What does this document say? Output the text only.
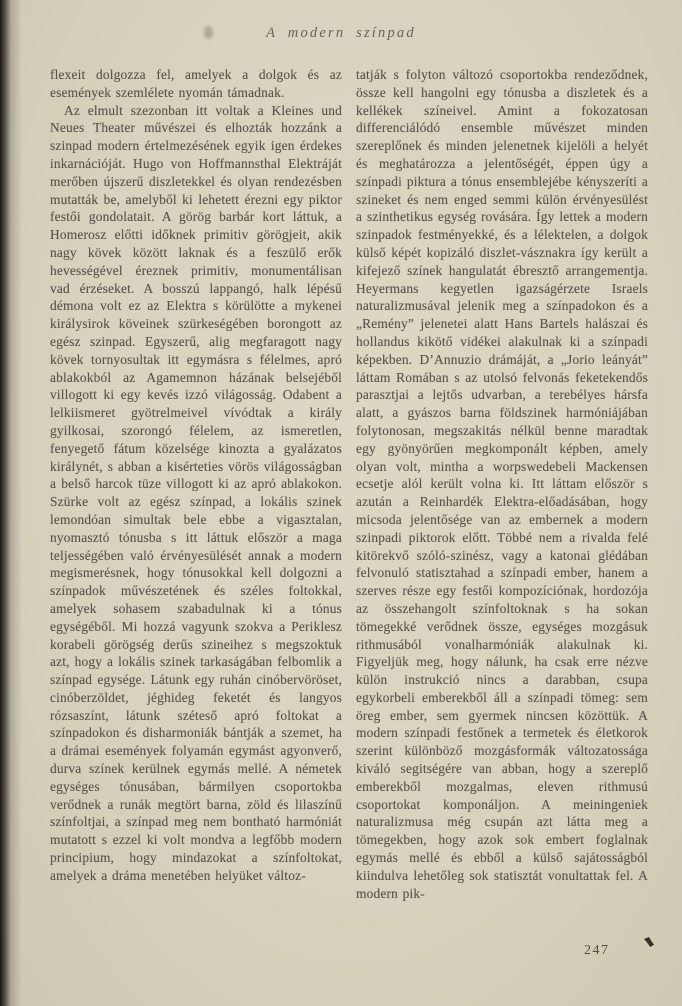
A modern színpad

flexeit dolgozza fel, amelyek a dolgok és az események szemlélete nyomán támadnak.

Az elmult szezonban itt voltak a Kleines und Neues Theater művészei és elhozták hozzánk a szinpad modern értelmezésének egyik igen érdekes inkarnációját. Hugo von Hoffmannsthal Elektráját merőben újszerű diszletekkel és olyan rendezésben mutatták be, amelyből ki lehetett érezni egy piktor festői gondolatait. A görög barbár kort láttuk, a Homerosz előtti időknek primitiv görögjeit, akik nagy kövek között laknak és a feszülő erők hevességével éreznek primitiv, monumentálisan vad érzéseket. A bosszú lappangó, halk lépésű démona volt ez az Elektra s körülötte a mykenei királysirok köveinek szürkeségében borongott az egész szinpad. Egyszerű, alig megfaragott nagy kövek tornyosultak itt egymásra s félelmes, apró ablakokból az Agamemnon házának belsejéből villogott ki egy kevés izzó világosság. Odabent a lelkiismeret gyötrelmeivel vívódtak a király gyilkosai, szorongó félelem, az ismeretlen, fenyegető fátum közelsége kinozta a gyalázatos királynét, s abban a kisérteties vörös világosságban a belső harcok tüze villogott ki az apró ablakokon. Szürke volt az egész színpad, a lokális szinek lemondóan simultak bele ebbe a vigasztalan, nyomasztó tónusba s itt láttuk először a maga teljességében való érvényesülését annak a modern megismerésnek, hogy tónusokkal kell dolgozni a színpadok művészetének és széles foltokkal, amelyek sohasem szabadulnak ki a tónus egységéből. Mi hozzá vagyunk szokva a Periklesz korabeli görögség derűs szineihez s megszoktuk azt, hogy a lokális szinek tarkaságában felbomlik a színpad egysége. Látunk egy ruhán cinóbervöröset, cinóberzöldet, jéghideg feketét és langyos rózsaszínt, látunk széteső apró foltokat a színpadokon és disharmoniák bántják a szemet, ha a drámai események folyamán egymást agyonverő, durva színek kerülnek egymás mellé. A németek egységes tónusában, bármilyen csoportokba verődnek a runák megtört barna, zöld és lilaszínű színfoltjai, a színpad meg nem bontható harmóniát mutatott s ezzel ki volt mondva a legfőbb modern principium, hogy mindazokat a színfoltokat, amelyek a dráma menetében helyüket változ-

tatják s folyton változó csoportokba rendeződnek, össze kell hangolni egy tónusba a diszletek és a kellékek színeivel. Amint a fokozatosan differenciálódó ensemble művészet minden szereplőnek és minden jelenetnek kijelöli a helyét és meghatározza a jelentőségét, éppen úgy a színpadi piktura a tónus ensemblejébe kényszeríti a szineket és nem enged semmi külön érvényesülést a szinthetikus egység rovására. Így lettek a modern szinpadok festményekké, és a lélektelen, a dolgok külső képét kopizáló diszlet-vásznakra így került a kifejező színek hangulatát ébresztő arrangementja. Heyermans kegyetlen igazságérzete Israels naturalizmusával jelenik meg a színpadokon és a „Remény” jelenetei alatt Hans Bartels halászai és hollandus kikötő vidékei alakulnak ki a színpadi képekben. D’Annuzio drámáját, a „Jorio leányát” láttam Romában s az utolsó felvonás feketekendős parasztjai a lejtős udvarban, a terebélyes hársfa alatt, a gyászos barna földszinek harmóniájában folytonosan, megszakitás nélkül benne maradtak egy gyönyörűen megkomponált képben, amely olyan volt, mintha a worpswedebeli Mackensen ecsetje alól került volna ki. Itt láttam először s azután a Reinhardék Elektra-előadásában, hogy micsoda jelentősége van az embernek a modern szinpadi piktorok előtt. Többé nem a rivalda felé kitörekvő szóló-szinész, vagy a katonai glédában felvonuló statisztahad a színpadi ember, hanem a szerves része egy festői kompozíciónak, hordozója az összehangolt színfoltoknak s ha sokan tömegekké verődnek össze, egységes mozgásuk rithmusából vonalharmóniák alakulnak ki. Figyeljük meg, hogy nálunk, ha csak erre nézve külön instrukció nincs a darabban, csupa egykorbeli emberekből áll a színpadi tömeg: sem öreg ember, sem gyermek nincsen közöttük. A modern színpadi festőnek a termetek és életkorok szerint különböző mozgásformák változatossága kiváló segitségére van abban, hogy a szereplő emberekből mozgalmas, eleven rithmusú csoportokat komponáljon. A meiningeniek naturalizmusa még csupán azt látta meg a tömegekben, hogy azok sok embert foglalnak egymás mellé és ebből a külső sajátosságból kiindulva lehetőleg sok statisztát vonultattak fel. A modern pik-

247
